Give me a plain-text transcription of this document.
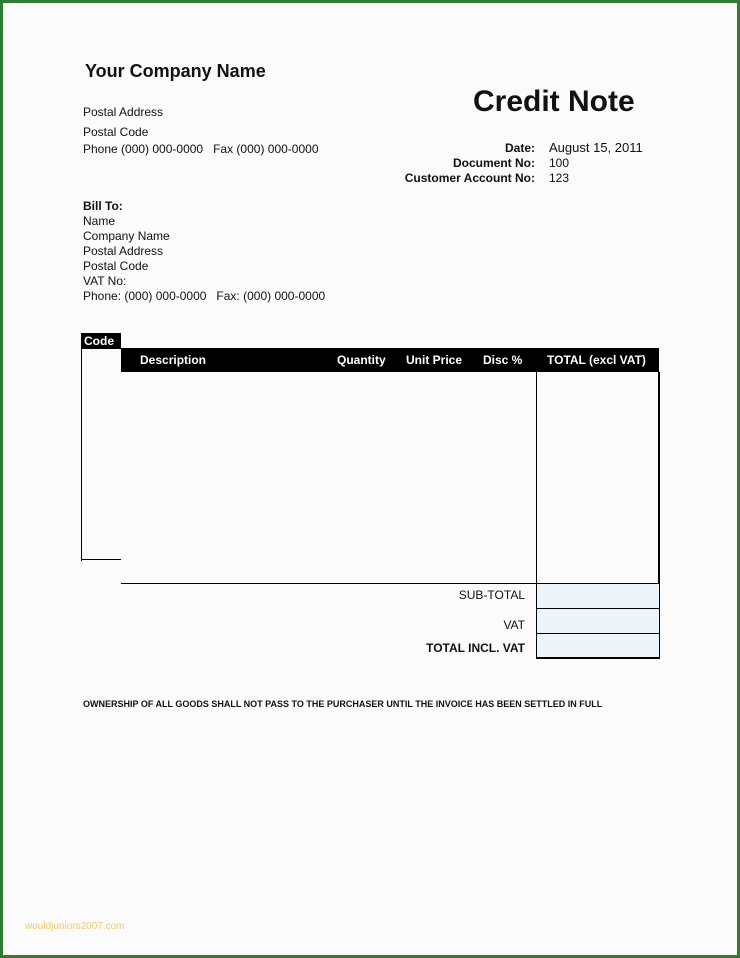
Your Company Name
Postal Address
Postal Code
Phone (000) 000-0000   Fax (000) 000-0000
Credit Note
Date: August 15, 2011
Document No: 100
Customer Account No: 123
Bill To:
Name
Company Name
Postal Address
Postal Code
VAT No:
Phone: (000) 000-0000   Fax: (000) 000-0000
Code
Description	Quantity Unit Price Disc % TOTAL (excl VAT)
SUB-TOTAL
VAT
TOTAL INCL. VAT
OWNERSHIP OF ALL GOODS SHALL NOT PASS TO THE PURCHASER UNTIL THE INVOICE HAS BEEN SETTLED IN FULL
wouldjuniors2007.com
